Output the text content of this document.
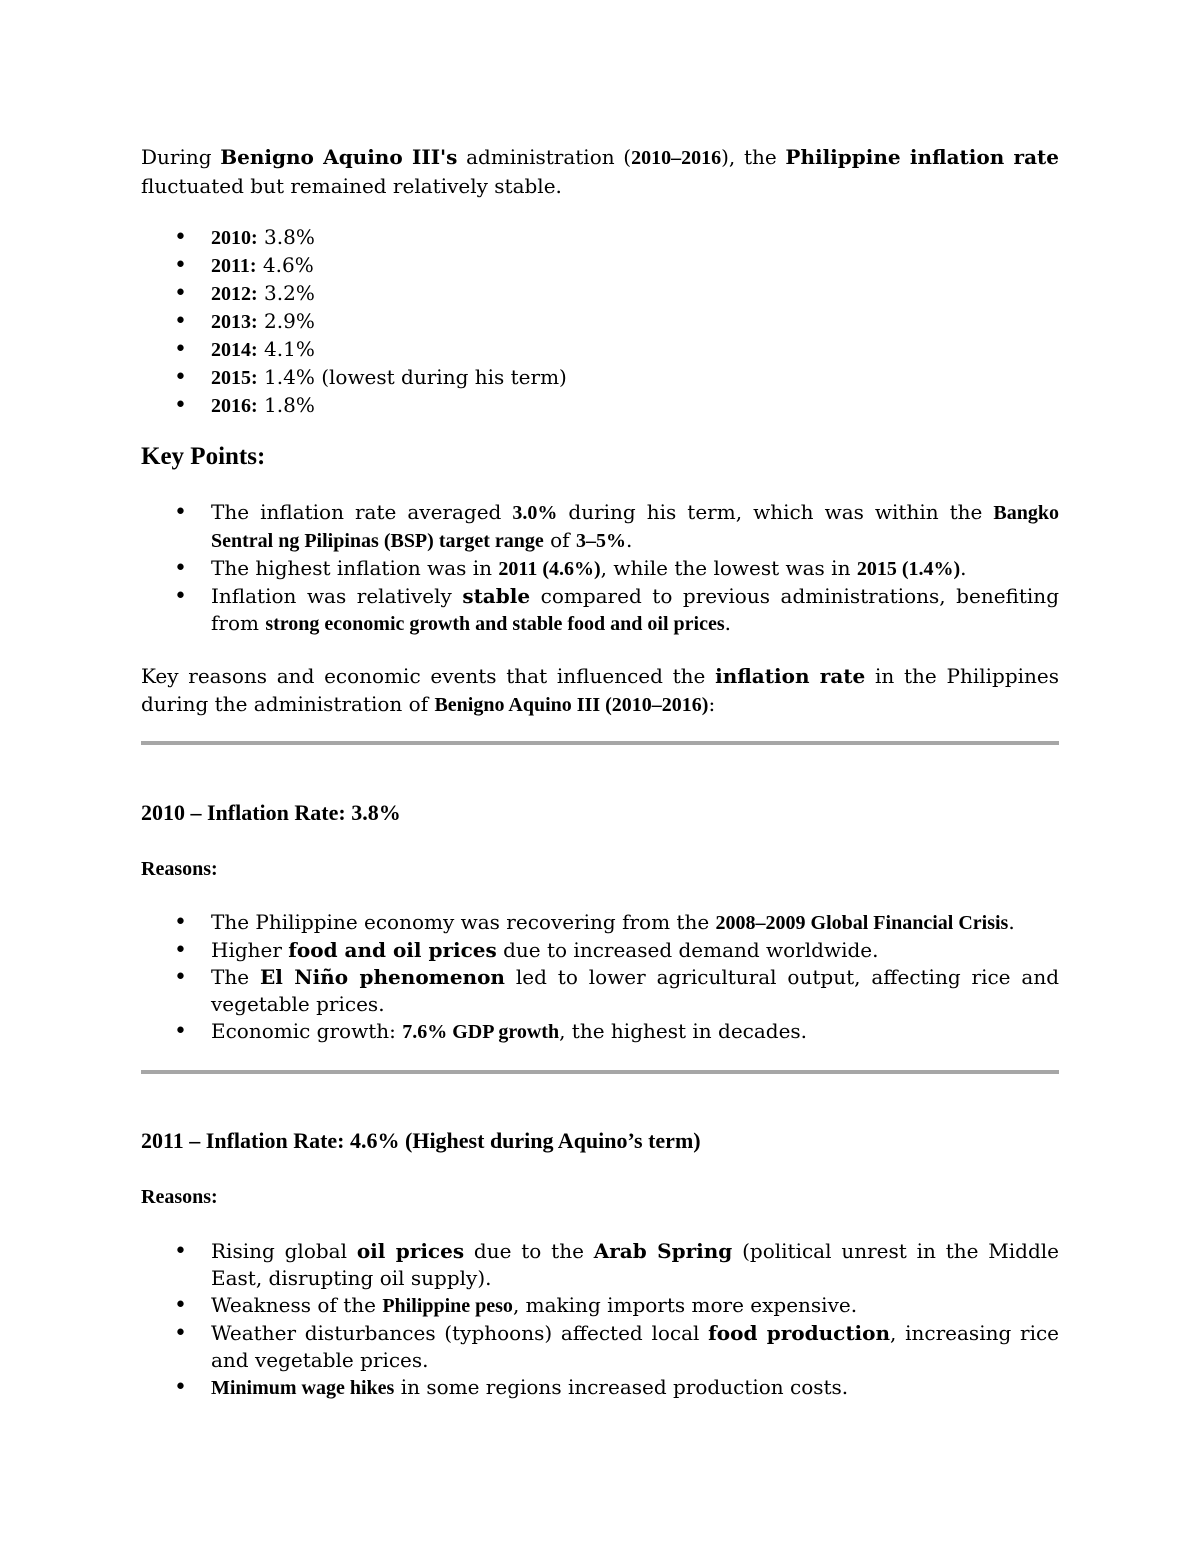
During Benigno Aquino III's administration (2010–2016), the Philippine inflation rate fluctuated but remained relatively stable.

• 2010: 3.8%
• 2011: 4.6%
• 2012: 3.2%
• 2013: 2.9%
• 2014: 4.1%
• 2015: 1.4% (lowest during his term)
• 2016: 1.8%
Key Points:
• The inflation rate averaged 3.0% during his term, which was within the Bangko Sentral ng Pilipinas (BSP) target range of 3–5%.
• The highest inflation was in 2011 (4.6%), while the lowest was in 2015 (1.4%).
• Inflation was relatively stable compared to previous administrations, benefiting from strong economic growth and stable food and oil prices.

Key reasons and economic events that influenced the inflation rate in the Philippines during the administration of Benigno Aquino III (2010–2016):

2010 – Inflation Rate: 3.8%
Reasons:
• The Philippine economy was recovering from the 2008–2009 Global Financial Crisis.
• Higher food and oil prices due to increased demand worldwide.
• The El Niño phenomenon led to lower agricultural output, affecting rice and vegetable prices.
• Economic growth: 7.6% GDP growth, the highest in decades.
2011 – Inflation Rate: 4.6% (Highest during Aquino’s term)
Reasons:
• Rising global oil prices due to the Arab Spring (political unrest in the Middle East, disrupting oil supply).
• Weakness of the Philippine peso, making imports more expensive.
• Weather disturbances (typhoons) affected local food production, increasing rice and vegetable prices.
• Minimum wage hikes in some regions increased production costs.
